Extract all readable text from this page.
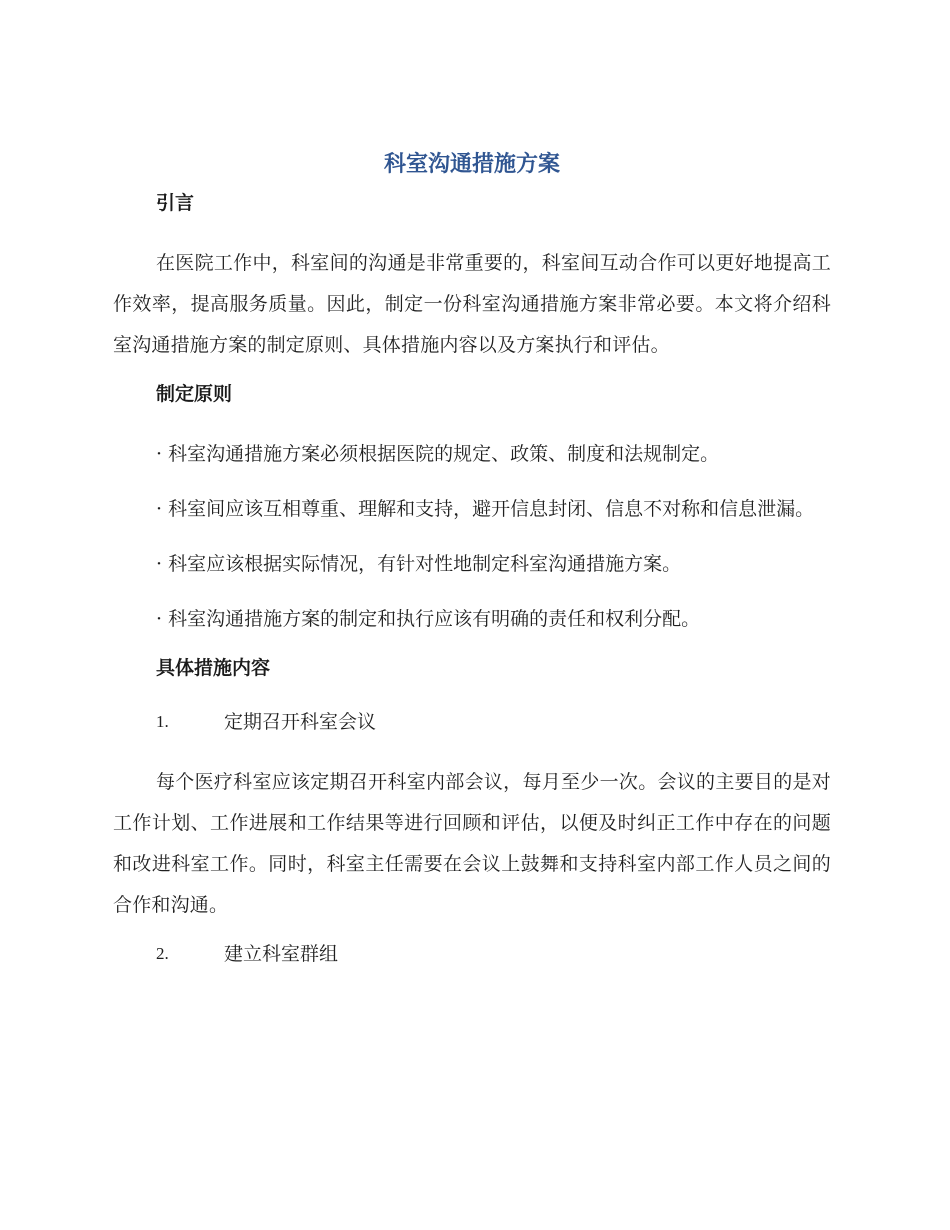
科室沟通措施方案
引言

在医院工作中，科室间的沟通是非常重要的，科室间互动合作可以更好地提高工作效率，提高服务质量。因此，制定一份科室沟通措施方案非常必要。本文将介绍科室沟通措施方案的制定原则、具体措施内容以及方案执行和评估。

制定原则

· 科室沟通措施方案必须根据医院的规定、政策、制度和法规制定。

· 科室间应该互相尊重、理解和支持，避开信息封闭、信息不对称和信息泄漏。

· 科室应该根据实际情况，有针对性地制定科室沟通措施方案。

· 科室沟通措施方案的制定和执行应该有明确的责任和权利分配。

具体措施内容
1.	定期召开科室会议

每个医疗科室应该定期召开科室内部会议，每月至少一次。会议的主要目的是对工作计划、工作进展和工作结果等进行回顾和评估，以便及时纠正工作中存在的问题和改进科室工作。同时，科室主任需要在会议上鼓舞和支持科室内部工作人员之间的合作和沟通。

2.	建立科室群组
